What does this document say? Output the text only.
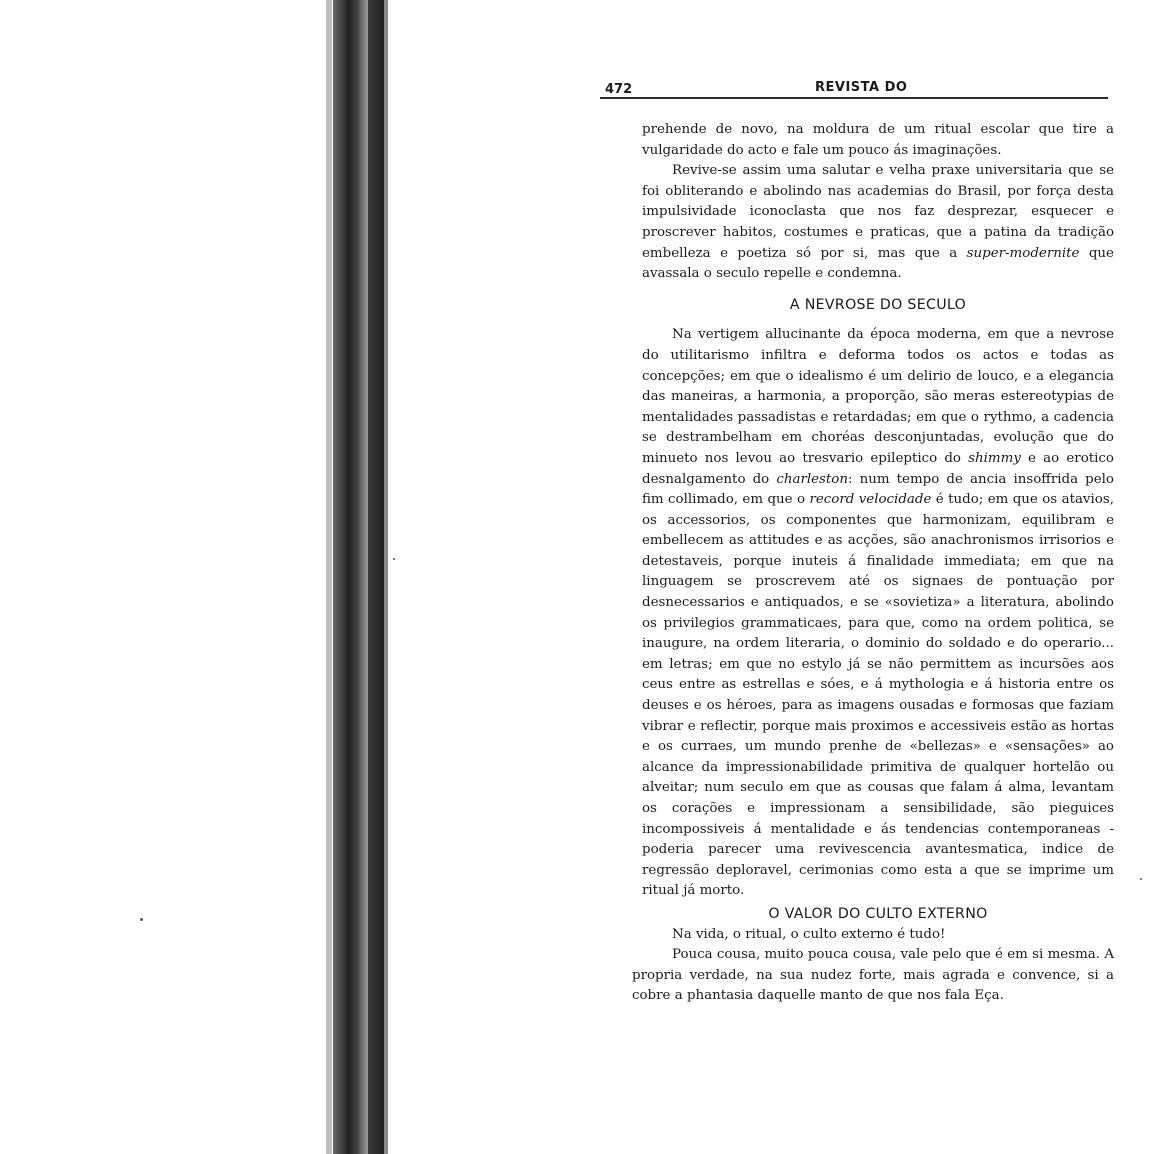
472	REVISTA DO

prehende de novo, na moldura de um ritual escolar que tire a vulgaridade do acto e fale um pouco ás imaginações.

Revive-se assim uma salutar e velha praxe universitaria que se foi obliterando e abolindo nas academias do Brasil, por força desta impulsividade iconoclasta que nos faz desprezar, esquecer e proscrever habitos, costumes e praticas, que a patina da tradição embelleza e poetiza só por si, mas que a super-modernite que avassala o seculo repelle e condemna.

A NEVROSE DO SECULO

Na vertigem allucinante da época moderna, em que a nevrose do utilitarismo infiltra e deforma todos os actos e todas as concepções; em que o idealismo é um delirio de louco, e a elegancia das maneiras, a harmonia, a proporção, são meras estereotypias de mentalidades passadistas e retardadas; em que o rythmo, a cadencia se destrambelham em choréas desconjuntadas, evolução que do minueto nos levou ao tresvario epileptico do shimmy e ao erotico desnalgamento do charleston: num tempo de ancia insoffrida pelo fim collimado, em que o record velocidade é tudo; em que os atavios, os accessorios, os componentes que harmonizam, equilibram e embellecem as attitudes e as acções, são anachronismos irrisorios e detestaveis, porque inuteis á finalidade immediata; em que na linguagem se proscrevem até os signaes de pontuação por desnecessarios e antiquados, e se «sovietiza» a literatura, abolindo os privilegios grammaticaes, para que, como na ordem politica, se inaugure, na ordem literaria, o dominio do soldado e do operario... em letras; em que no estylo já se não permittem as incursões aos ceus entre as estrellas e sóes, e á mythologia e á historia entre os deuses e os héroes, para as imagens ousadas e formosas que faziam vibrar e reflectir, porque mais proximos e accessiveis estão as hortas e os curraes, um mundo prenhe de «bellezas» e «sensações» ao alcance da impressionabilidade primitiva de qualquer hortelão ou alveitar; num seculo em que as cousas que falam á alma, levantam os corações e impressionam a sensibilidade, são pieguices incompossiveis á mentalidade e ás tendencias contemporaneas - poderia parecer uma revivescencia avantesmatica, indice de regressão deploravel, cerimonias como esta a que se imprime um ritual já morto.

O VALOR DO CULTO EXTERNO

Na vida, o ritual, o culto externo é tudo!

Pouca cousa, muito pouca cousa, vale pelo que é em si mesma. A propria verdade, na sua nudez forte, mais agrada e convence, si a cobre a phantasia daquelle manto de que nos fala Eça.
